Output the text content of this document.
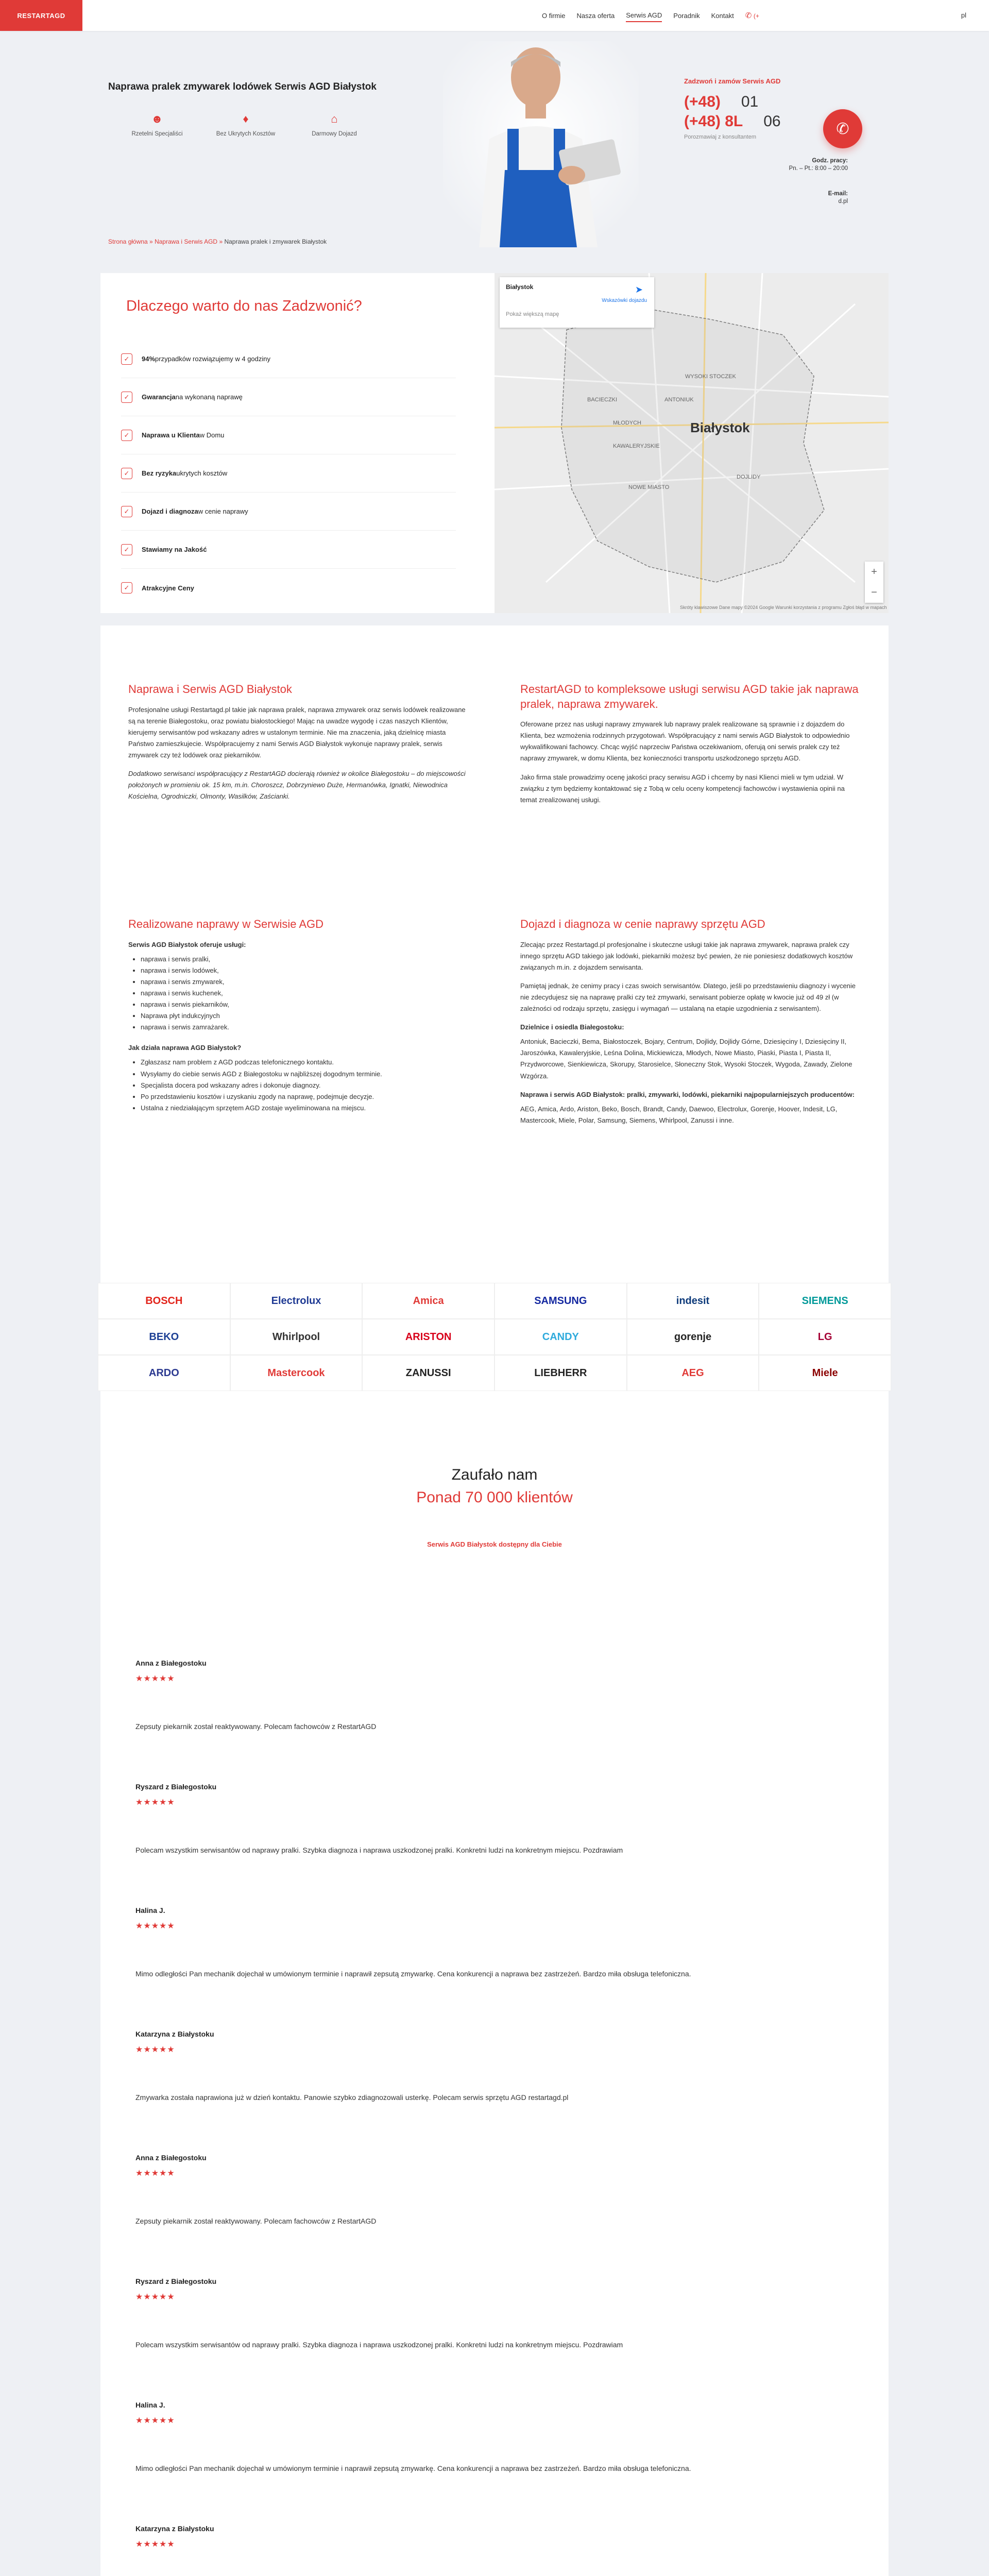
RESTARTAGD	O firmie Nasza oferta Serwis AGD Poradnik Kontakt ✆ (+	pl
Naprawa pralek zmywarek lodówek Serwis AGD Białystok
☻
Rzetelni Specjaliści
♦
Bez Ukrytych Kosztów
⌂
Darmowy Dojazd
Zadzwoń i zamów Serwis AGD
(+48) 01
(+48) 8L 06
Porozmawiaj z konsultantem	✆
Godz. pracy:
Pn. – Pt.: 8:00 – 20:00
E-mail:
d.pl
Strona główna » Naprawa i Serwis AGD » Naprawa pralek i zmywarek Białystok
Dlaczego warto do nas Zadzwonić?
✓	94% przypadków rozwiązujemy w 4 godziny
✓	Gwarancja na wykonaną naprawę
✓	Naprawa u Klienta w Domu
✓	Bez ryzyka ukrytych kosztów
✓	Dojazd i diagnoza w cenie naprawy
✓	Stawiamy na Jakość
✓	Atrakcyjne Ceny
Białystok
Pokaż większą mapę
➤
Wskazówki dojazdu
Białystok
WYSOKI STOCZEK
DOJLIDY
NOWE MIASTO
MŁODYCH
BACIECZKI
KAWALERYJSKIE
ANTONIUK
+
−
Skróty klawiszowe Dane mapy ©2024 Google Warunki korzystania z programu Zgłoś błąd w mapach
Naprawa i Serwis AGD Białystok

Profesjonalne usługi Restartagd.pl takie jak naprawa pralek, naprawa zmywarek oraz serwis lodówek realizowane są na terenie Białegostoku, oraz powiatu białostockiego! Mając na uwadze wygodę i czas naszych Klientów, kierujemy serwisantów pod wskazany adres w ustalonym terminie. Nie ma znaczenia, jaką dzielnicę miasta Państwo zamieszkujecie. Współpracujemy z nami Serwis AGD Białystok wykonuje naprawy pralek, serwis zmywarek czy też lodówek oraz piekarników.

Dodatkowo serwisanci współpracujący z RestartAGD docierają również w okolice Białegostoku – do miejscowości położonych w promieniu ok. 15 km, m.in. Choroszcz, Dobrzyniewo Duże, Hermanówka, Ignatki, Niewodnica Kościelna, Ogrodniczki, Olmonty, Wasilków, Zaścianki.

RestartAGD to kompleksowe usługi serwisu AGD takie jak naprawa pralek, naprawa zmywarek.

Oferowane przez nas usługi naprawy zmywarek lub naprawy pralek realizowane są sprawnie i z dojazdem do Klienta, bez wzmożenia rodzinnych przygotowań. Współpracujący z nami serwis AGD Białystok to odpowiednio wykwalifikowani fachowcy. Chcąc wyjść naprzeciw Państwa oczekiwaniom, oferują oni serwis pralek czy też naprawy zmywarek, w domu Klienta, bez konieczności transportu uszkodzonego sprzętu AGD.

Jako firma stale prowadzimy ocenę jakości pracy serwisu AGD i chcemy by nasi Klienci mieli w tym udział. W związku z tym będziemy kontaktować się z Tobą w celu oceny kompetencji fachowców i wystawienia opinii na temat zrealizowanej usługi.

Realizowane naprawy w Serwisie AGD
Serwis AGD Białystok oferuje usługi:
• naprawa i serwis pralki,
• naprawa i serwis lodówek,
• naprawa i serwis zmywarek,
• naprawa i serwis kuchenek,
• naprawa i serwis piekarników,
• Naprawa płyt indukcyjnych
• naprawa i serwis zamrażarek.
Jak działa naprawa AGD Białystok?
• Zgłaszasz nam problem z AGD podczas telefonicznego kontaktu.
• Wysyłamy do ciebie serwis AGD z Białegostoku w najbliższej dogodnym terminie.
• Specjalista docera pod wskazany adres i dokonuje diagnozy.
• Po przedstawieniu kosztów i uzyskaniu zgody na naprawę, podejmuje decyzje.
• Ustalna z niedziałającym sprzętem AGD zostaje wyeliminowana na miejscu.
Dojazd i diagnoza w cenie naprawy sprzętu AGD

Zlecając przez Restartagd.pl profesjonalne i skuteczne usługi takie jak naprawa zmywarek, naprawa pralek czy innego sprzętu AGD takiego jak lodówki, piekarniki możesz być pewien, że nie poniesiesz dodatkowych kosztów związanych m.in. z dojazdem serwisanta.

Pamiętaj jednak, że cenimy pracy i czas swoich serwisantów. Dlatego, jeśli po przedstawieniu diagnozy i wycenie nie zdecydujesz się na naprawę pralki czy też zmywarki, serwisant pobierze opłatę w kwocie już od 49 zł (w zależności od rodzaju sprzętu, zasięgu i wymagań — ustalaną na etapie uzgodnienia z serwisantem).

Dzielnice i osiedla Białegostoku:

Antoniuk, Bacieczki, Bema, Białostoczek, Bojary, Centrum, Dojlidy, Dojlidy Górne, Dziesięciny I, Dziesięciny II, Jaroszówka, Kawaleryjskie, Leśna Dolina, Mickiewicza, Młodych, Nowe Miasto, Piaski, Piasta I, Piasta II, Przydworcowe, Sienkiewicza, Skorupy, Starosielce, Słoneczny Stok, Wysoki Stoczek, Wygoda, Zawady, Zielone Wzgórza.

Naprawa i serwis AGD Białystok: pralki, zmywarki, lodówki, piekarniki najpopularniejszych producentów:

AEG, Amica, Ardo, Ariston, Beko, Bosch, Brandt, Candy, Daewoo, Electrolux, Gorenje, Hoover, Indesit, LG, Mastercook, Miele, Polar, Samsung, Siemens, Whirlpool, Zanussi i inne.

BOSCH	Electrolux	Amica	SAMSUNG	indesit	SIEMENS
BEKO	Whirlpool	ARISTON	CANDY	gorenje	LG
ARDO	Mastercook	ZANUSSI	LIEBHERR	AEG	Miele
Zaufało nam
Ponad 70 000 klientów
Serwis AGD Białystok dostępny dla Ciebie
Anna z Białegostoku
★★★★★
Zepsuty piekarnik został reaktywowany. Polecam fachowców z RestartAGD
Ryszard z Białegostoku
★★★★★
Polecam wszystkim serwisantów od naprawy pralki. Szybka diagnoza i naprawa uszkodzonej pralki. Konkretni ludzi na konkretnym miejscu. Pozdrawiam
Halina J.
★★★★★
Mimo odległości Pan mechanik dojechał w umówionym terminie i naprawił zepsutą zmywarkę. Cena konkurencji a naprawa bez zastrzeżeń. Bardzo miła obsługa telefoniczna.
Katarzyna z Białystoku
★★★★★
Zmywarka została naprawiona już w dzień kontaktu. Panowie szybko zdiagnozowali usterkę. Polecam serwis sprzętu AGD restartagd.pl
Anna z Białegostoku
★★★★★
Zepsuty piekarnik został reaktywowany. Polecam fachowców z RestartAGD
Ryszard z Białegostoku
★★★★★
Polecam wszystkim serwisantów od naprawy pralki. Szybka diagnoza i naprawa uszkodzonej pralki. Konkretni ludzi na konkretnym miejscu. Pozdrawiam
Halina J.
★★★★★
Mimo odległości Pan mechanik dojechał w umówionym terminie i naprawił zepsutą zmywarkę. Cena konkurencji a naprawa bez zastrzeżeń. Bardzo miła obsługa telefoniczna.
Katarzyna z Białystoku
★★★★★
